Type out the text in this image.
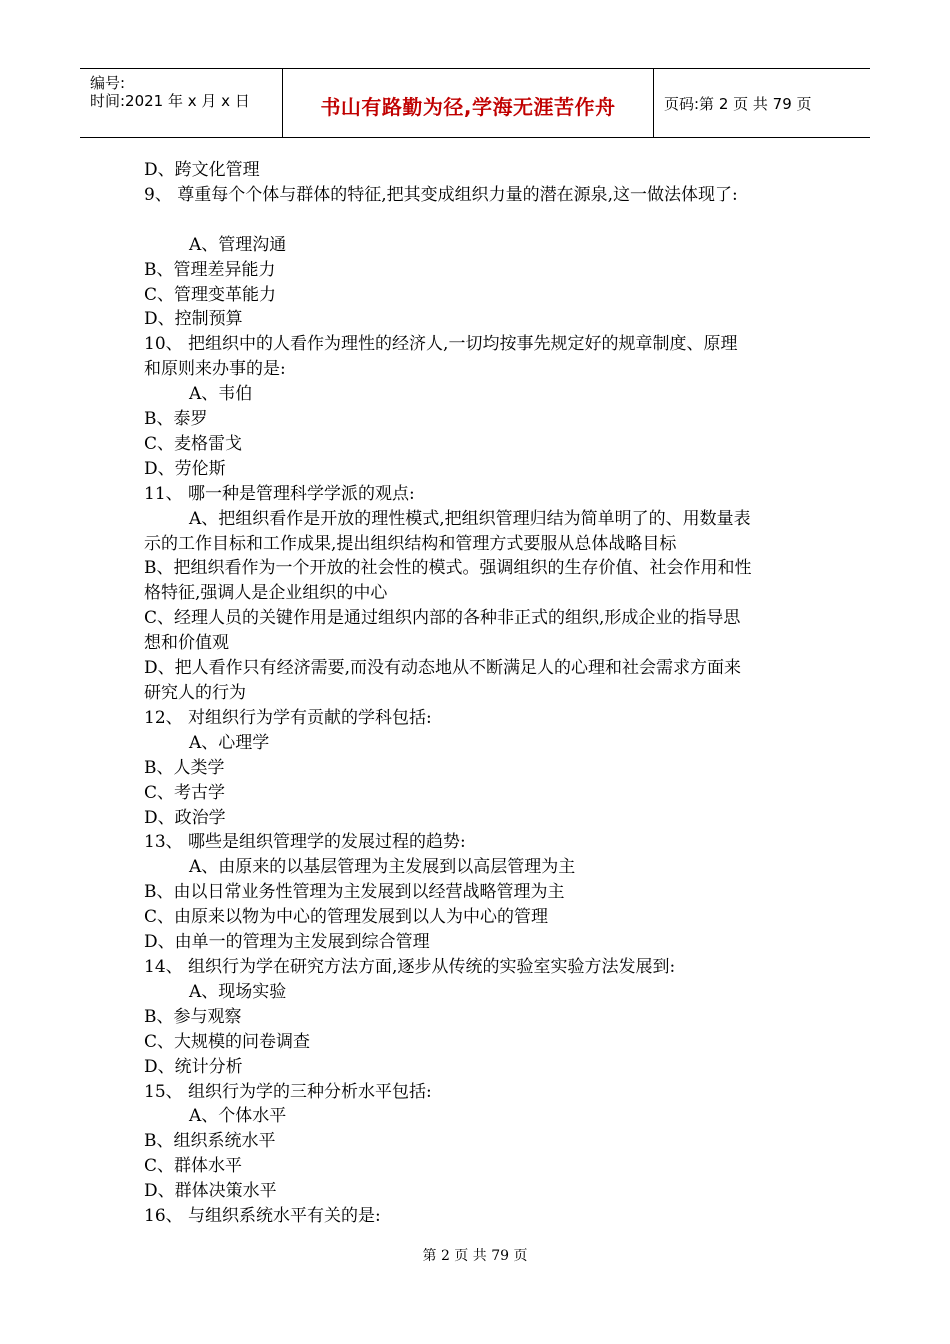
编号:
时间:2021 年 x 月 x 日	书山有路勤为径,学海无涯苦作舟	页码:第 2 页 共 79 页
D、跨文化管理
9、 尊重每个个体与群体的特征,把其变成组织力量的潜在源泉,这一做法体现了:
A、管理沟通
B、管理差异能力
C、管理变革能力
D、控制预算
10、 把组织中的人看作为理性的经济人,一切均按事先规定好的规章制度、原理
和原则来办事的是:
A、韦伯
B、泰罗
C、麦格雷戈
D、劳伦斯
11、 哪一种是管理科学学派的观点:
A、把组织看作是开放的理性模式,把组织管理归结为简单明了的、用数量表
示的工作目标和工作成果,提出组织结构和管理方式要服从总体战略目标
B、把组织看作为一个开放的社会性的模式。强调组织的生存价值、社会作用和性
格特征,强调人是企业组织的中心
C、经理人员的关键作用是通过组织内部的各种非正式的组织,形成企业的指导思
想和价值观
D、把人看作只有经济需要,而没有动态地从不断满足人的心理和社会需求方面来
研究人的行为
12、 对组织行为学有贡献的学科包括:
A、心理学
B、人类学
C、考古学
D、政治学
13、 哪些是组织管理学的发展过程的趋势:
A、由原来的以基层管理为主发展到以高层管理为主
B、由以日常业务性管理为主发展到以经营战略管理为主
C、由原来以物为中心的管理发展到以人为中心的管理
D、由单一的管理为主发展到综合管理
14、 组织行为学在研究方法方面,逐步从传统的实验室实验方法发展到:
A、现场实验
B、参与观察
C、大规模的问卷调查
D、统计分析
15、 组织行为学的三种分析水平包括:
A、个体水平
B、组织系统水平
C、群体水平
D、群体决策水平
16、 与组织系统水平有关的是:
第 2 页 共 79 页
